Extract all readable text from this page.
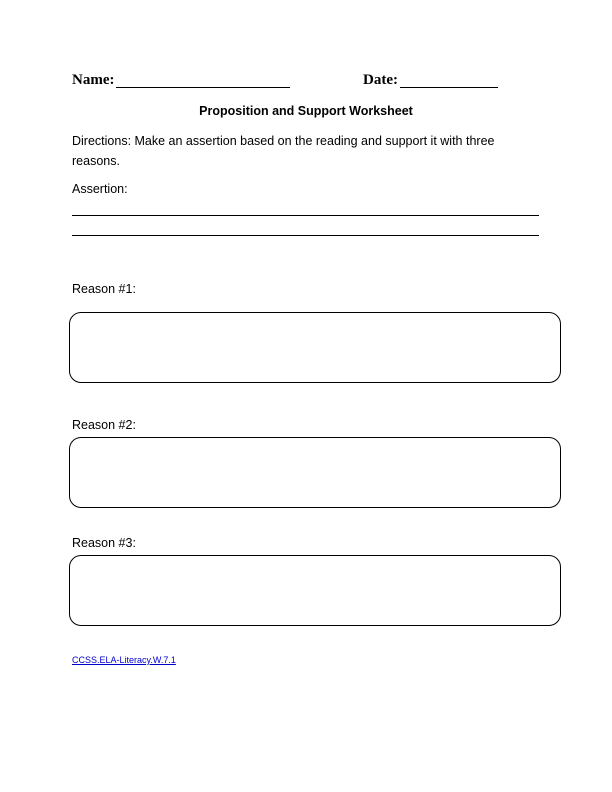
Name:	Date:
Proposition and Support Worksheet
Directions: Make an assertion based on the reading and support it with three reasons.
Assertion:
Reason #1:
Reason #2:
Reason #3:
CCSS.ELA-Literacy.W.7.1
